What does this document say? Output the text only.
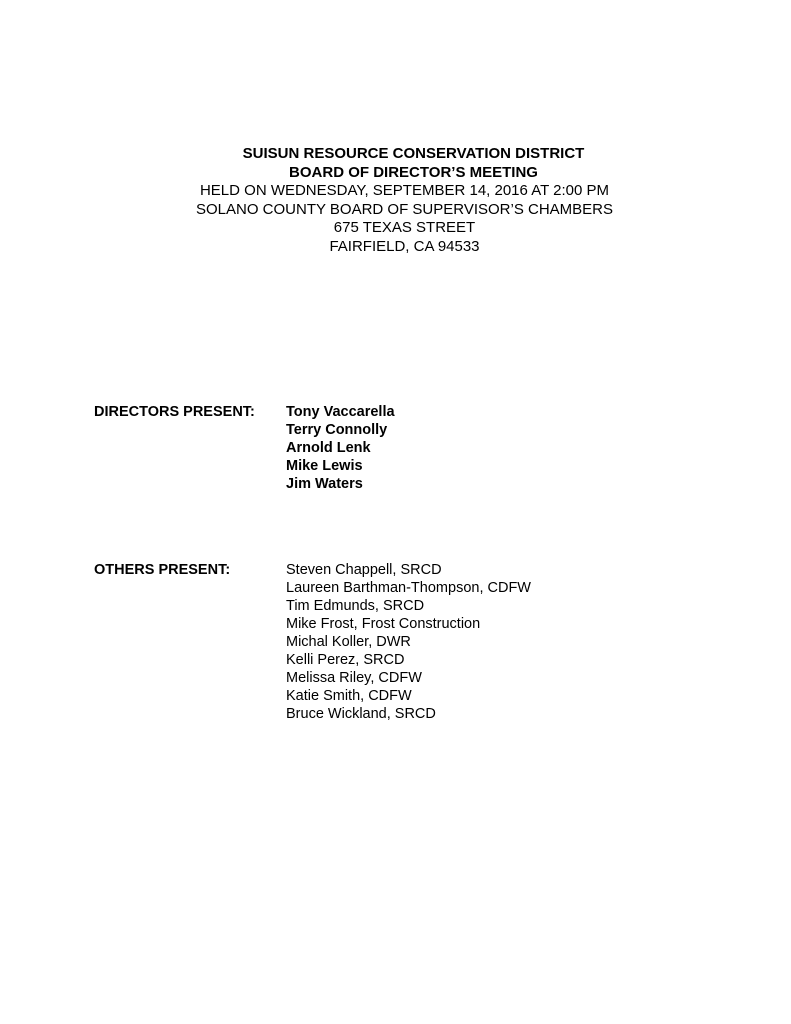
SUISUN RESOURCE CONSERVATION DISTRICT
BOARD OF DIRECTOR’S MEETING
HELD ON WEDNESDAY, SEPTEMBER 14, 2016 AT 2:00 PM
SOLANO COUNTY BOARD OF SUPERVISOR’S CHAMBERS
675 TEXAS STREET
FAIRFIELD, CA 94533
DIRECTORS PRESENT: Tony Vaccarella
Terry Connolly
Arnold Lenk
Mike Lewis
Jim Waters
OTHERS PRESENT:	Steven Chappell, SRCD
Laureen Barthman-Thompson, CDFW
Tim Edmunds, SRCD
Mike Frost, Frost Construction
Michal Koller, DWR
Kelli Perez, SRCD
Melissa Riley, CDFW
Katie Smith, CDFW
Bruce Wickland, SRCD
